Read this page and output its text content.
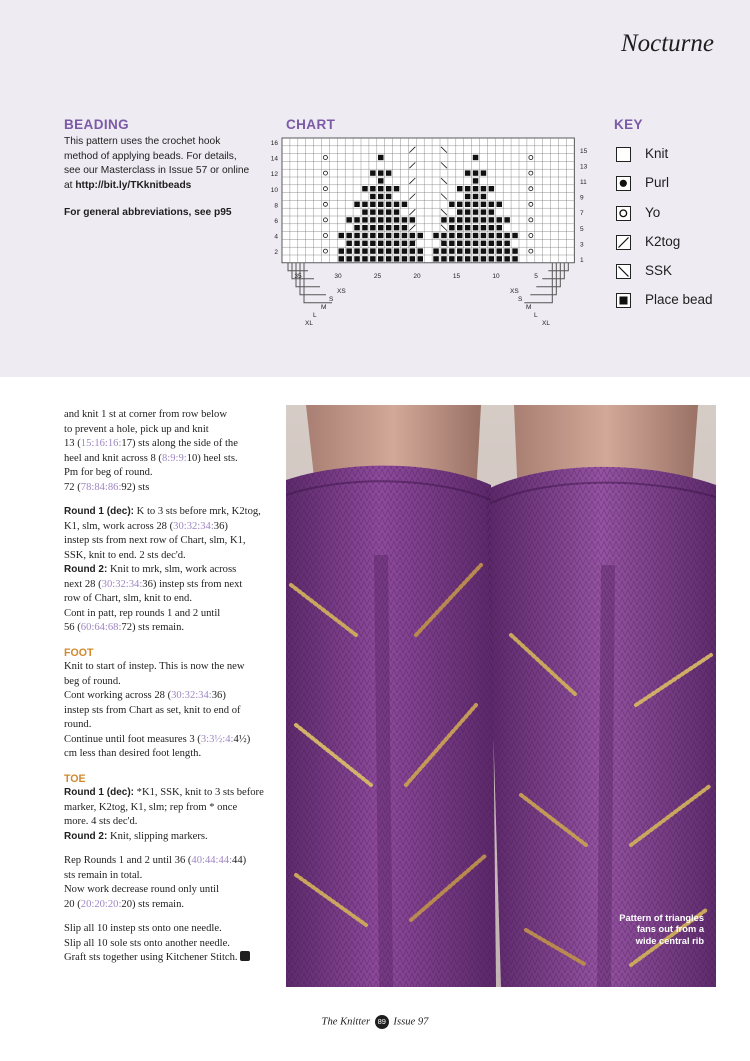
Nocturne
BEADING
This pattern uses the crochet hook
method of applying beads. For details,
see our Masterclass in Issue 57 or online
at http://bit.ly/TKknitbeads
For general abbreviations, see p95
CHART
16
14
12
10
8
6
4
2
15
13
11
9
7
5
3
1
35	30	25	20	15	10	5
XS
S
M
L
XL
XS
S
M
L
XL
KEY
Knit
Purl
Yo
K2tog
SSK
Place bead
and knit 1 st at corner from row below
to prevent a hole, pick up and knit
13 (15:16:16:17) sts along the side of the
heel and knit across 8 (8:9:9:10) heel sts.
Pm for beg of round.
72 (78:84:86:92) sts
Round 1 (dec): K to 3 sts before mrk, K2tog,
K1, slm, work across 28 (30:32:34:36)
instep sts from next row of Chart, slm, K1,
SSK, knit to end. 2 sts dec'd.
Round 2: Knit to mrk, slm, work across
next 28 (30:32:34:36) instep sts from next
row of Chart, slm, knit to end.
Cont in patt, rep rounds 1 and 2 until
56 (60:64:68:72) sts remain.
FOOT
Knit to start of instep. This is now the new
beg of round.
Cont working across 28 (30:32:34:36)
instep sts from Chart as set, knit to end of
round.
Continue until foot measures 3 (3:3½:4:4½)
cm less than desired foot length.
TOE
Round 1 (dec): *K1, SSK, knit to 3 sts before
marker, K2tog, K1, slm; rep from * once
more. 4 sts dec'd.
Round 2: Knit, slipping markers.
Rep Rounds 1 and 2 until 36 (40:44:44:44)
sts remain in total.
Now work decrease round only until
20 (20:20:20:20) sts remain.
Slip all 10 instep sts onto one needle.
Slip all 10 sole sts onto another needle.
Graft sts together using Kitchener Stitch.
Pattern of triangles
fans out from a
wide central rib
The Knitter 89 Issue 97
